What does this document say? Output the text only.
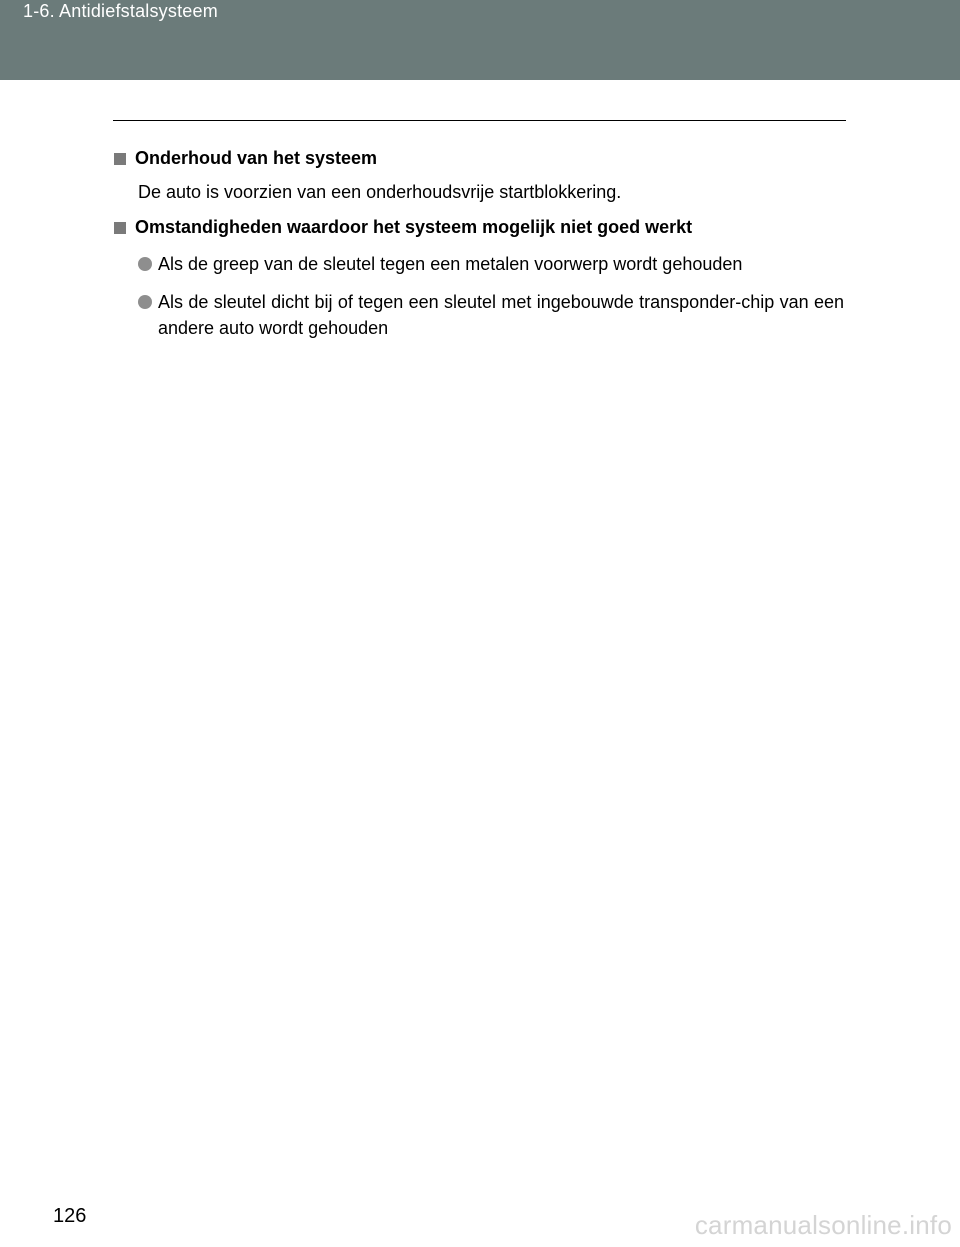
1-6. Antidiefstalsysteem
Onderhoud van het systeem
De auto is voorzien van een onderhoudsvrije startblokkering.
Omstandigheden waardoor het systeem mogelijk niet goed werkt
Als de greep van de sleutel tegen een metalen voorwerp wordt gehouden
Als de sleutel dicht bij of tegen een sleutel met ingebouwde transponder-chip van een andere auto wordt gehouden
126	carmanualsonline.info
